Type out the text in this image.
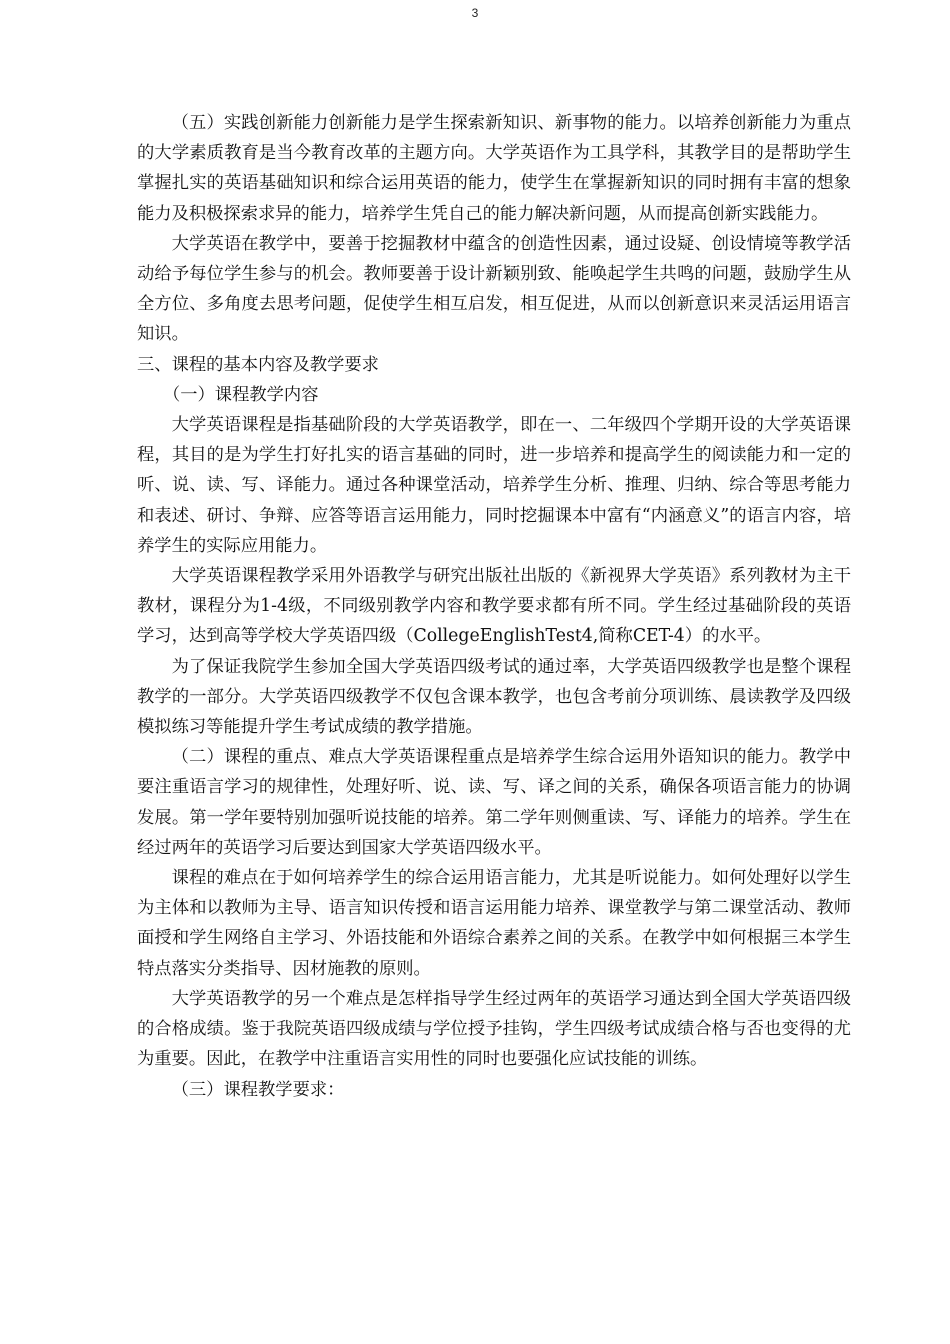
3

（五）实践创新能力创新能力是学生探索新知识、新事物的能力。以培养创新能力为重点的大学素质教育是当今教育改革的主题方向。大学英语作为工具学科，其教学目的是帮助学生掌握扎实的英语基础知识和综合运用英语的能力，使学生在掌握新知识的同时拥有丰富的想象能力及积极探索求异的能力，培养学生凭自己的能力解决新问题，从而提高创新实践能力。

大学英语在教学中，要善于挖掘教材中蕴含的创造性因素，通过设疑、创设情境等教学活动给予每位学生参与的机会。教师要善于设计新颖别致、能唤起学生共鸣的问题，鼓励学生从全方位、多角度去思考问题，促使学生相互启发，相互促进，从而以创新意识来灵活运用语言知识。

三、课程的基本内容及教学要求

（一）课程教学内容

大学英语课程是指基础阶段的大学英语教学，即在一、二年级四个学期开设的大学英语课程，其目的是为学生打好扎实的语言基础的同时，进一步培养和提高学生的阅读能力和一定的听、说、读、写、译能力。通过各种课堂活动，培养学生分析、推理、归纳、综合等思考能力和表述、研讨、争辩、应答等语言运用能力，同时挖掘课本中富有“内涵意义”的语言内容，培养学生的实际应用能力。

大学英语课程教学采用外语教学与研究出版社出版的《新视界大学英语》系列教材为主干教材，课程分为1-4级，不同级别教学内容和教学要求都有所不同。学生经过基础阶段的英语学习，达到高等学校大学英语四级（CollegeEnglishTest4,简称CET-4）的水平。

为了保证我院学生参加全国大学英语四级考试的通过率，大学英语四级教学也是整个课程教学的一部分。大学英语四级教学不仅包含课本教学，也包含考前分项训练、晨读教学及四级模拟练习等能提升学生考试成绩的教学措施。

（二）课程的重点、难点大学英语课程重点是培养学生综合运用外语知识的能力。教学中要注重语言学习的规律性，处理好听、说、读、写、译之间的关系，确保各项语言能力的协调发展。第一学年要特别加强听说技能的培养。第二学年则侧重读、写、译能力的培养。学生在经过两年的英语学习后要达到国家大学英语四级水平。

课程的难点在于如何培养学生的综合运用语言能力，尤其是听说能力。如何处理好以学生为主体和以教师为主导、语言知识传授和语言运用能力培养、课堂教学与第二课堂活动、教师面授和学生网络自主学习、外语技能和外语综合素养之间的关系。在教学中如何根据三本学生特点落实分类指导、因材施教的原则。

大学英语教学的另一个难点是怎样指导学生经过两年的英语学习通达到全国大学英语四级的合格成绩。鉴于我院英语四级成绩与学位授予挂钩，学生四级考试成绩合格与否也变得的尤为重要。因此，在教学中注重语言实用性的同时也要强化应试技能的训练。

（三）课程教学要求：
